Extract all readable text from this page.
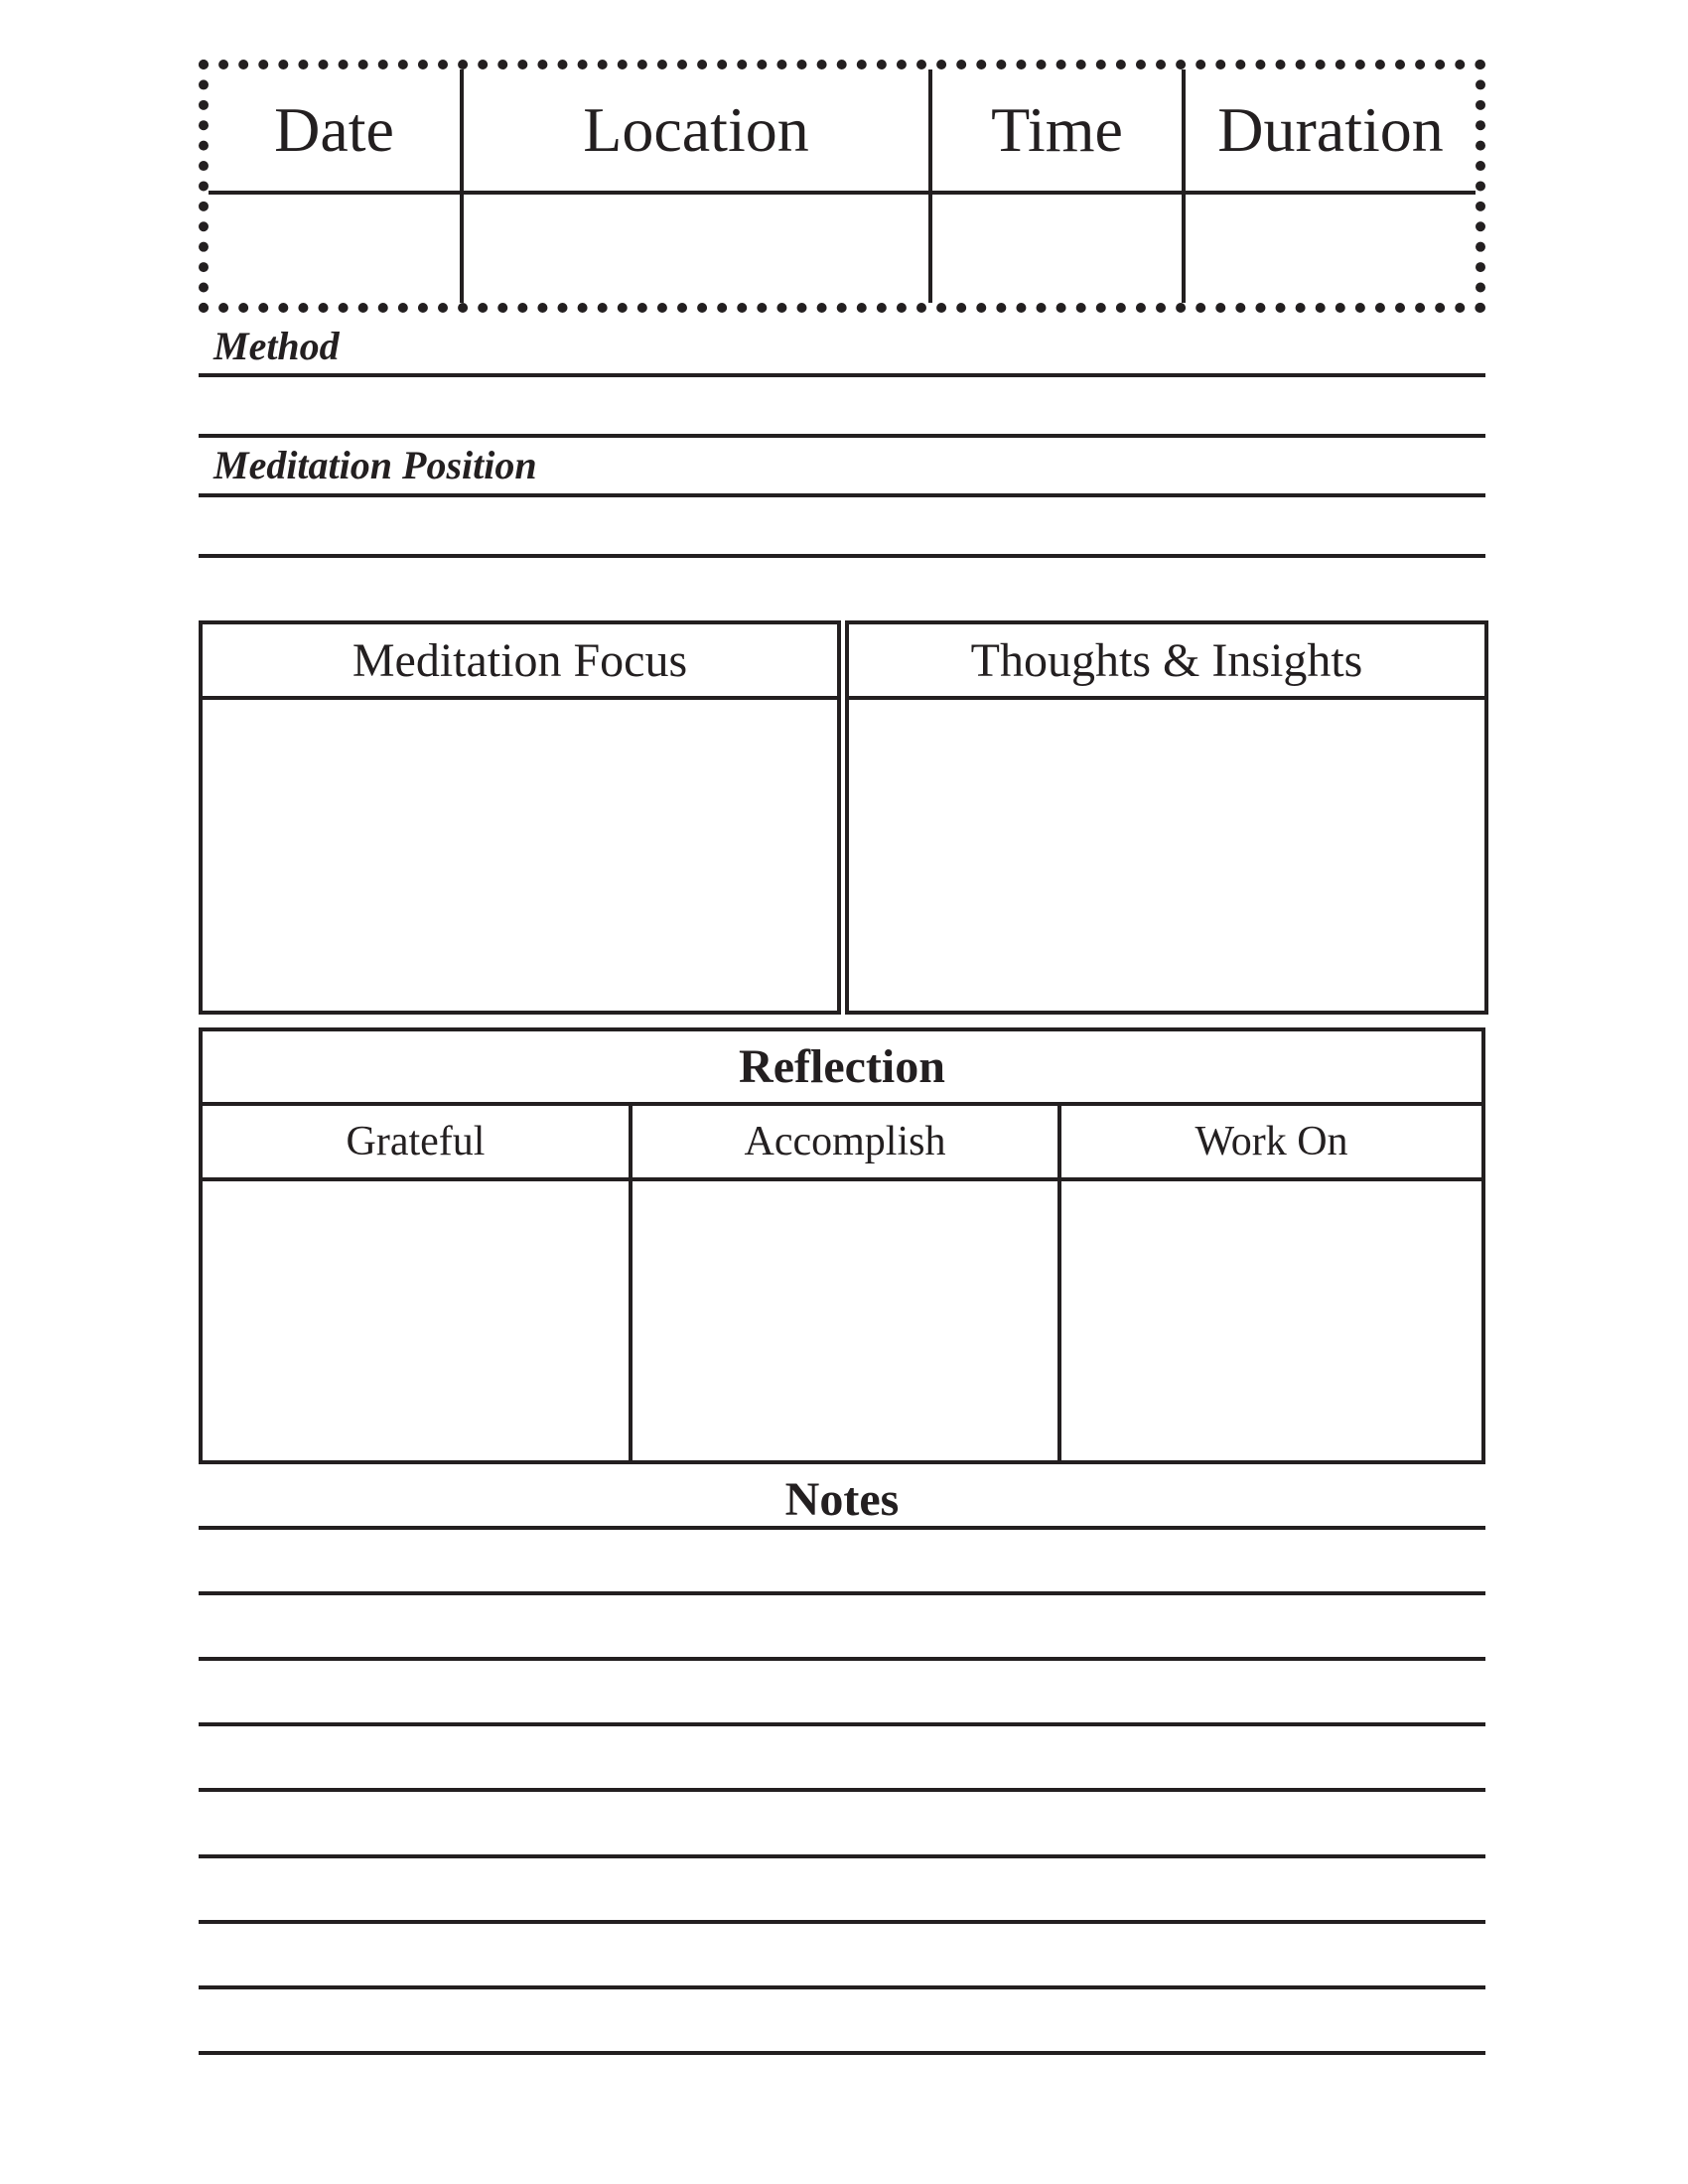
Date	Location	Time	Duration
Method
Meditation Position
Meditation Focus	Thoughts & Insights
Reflection
Grateful	Accomplish	Work On
Notes
